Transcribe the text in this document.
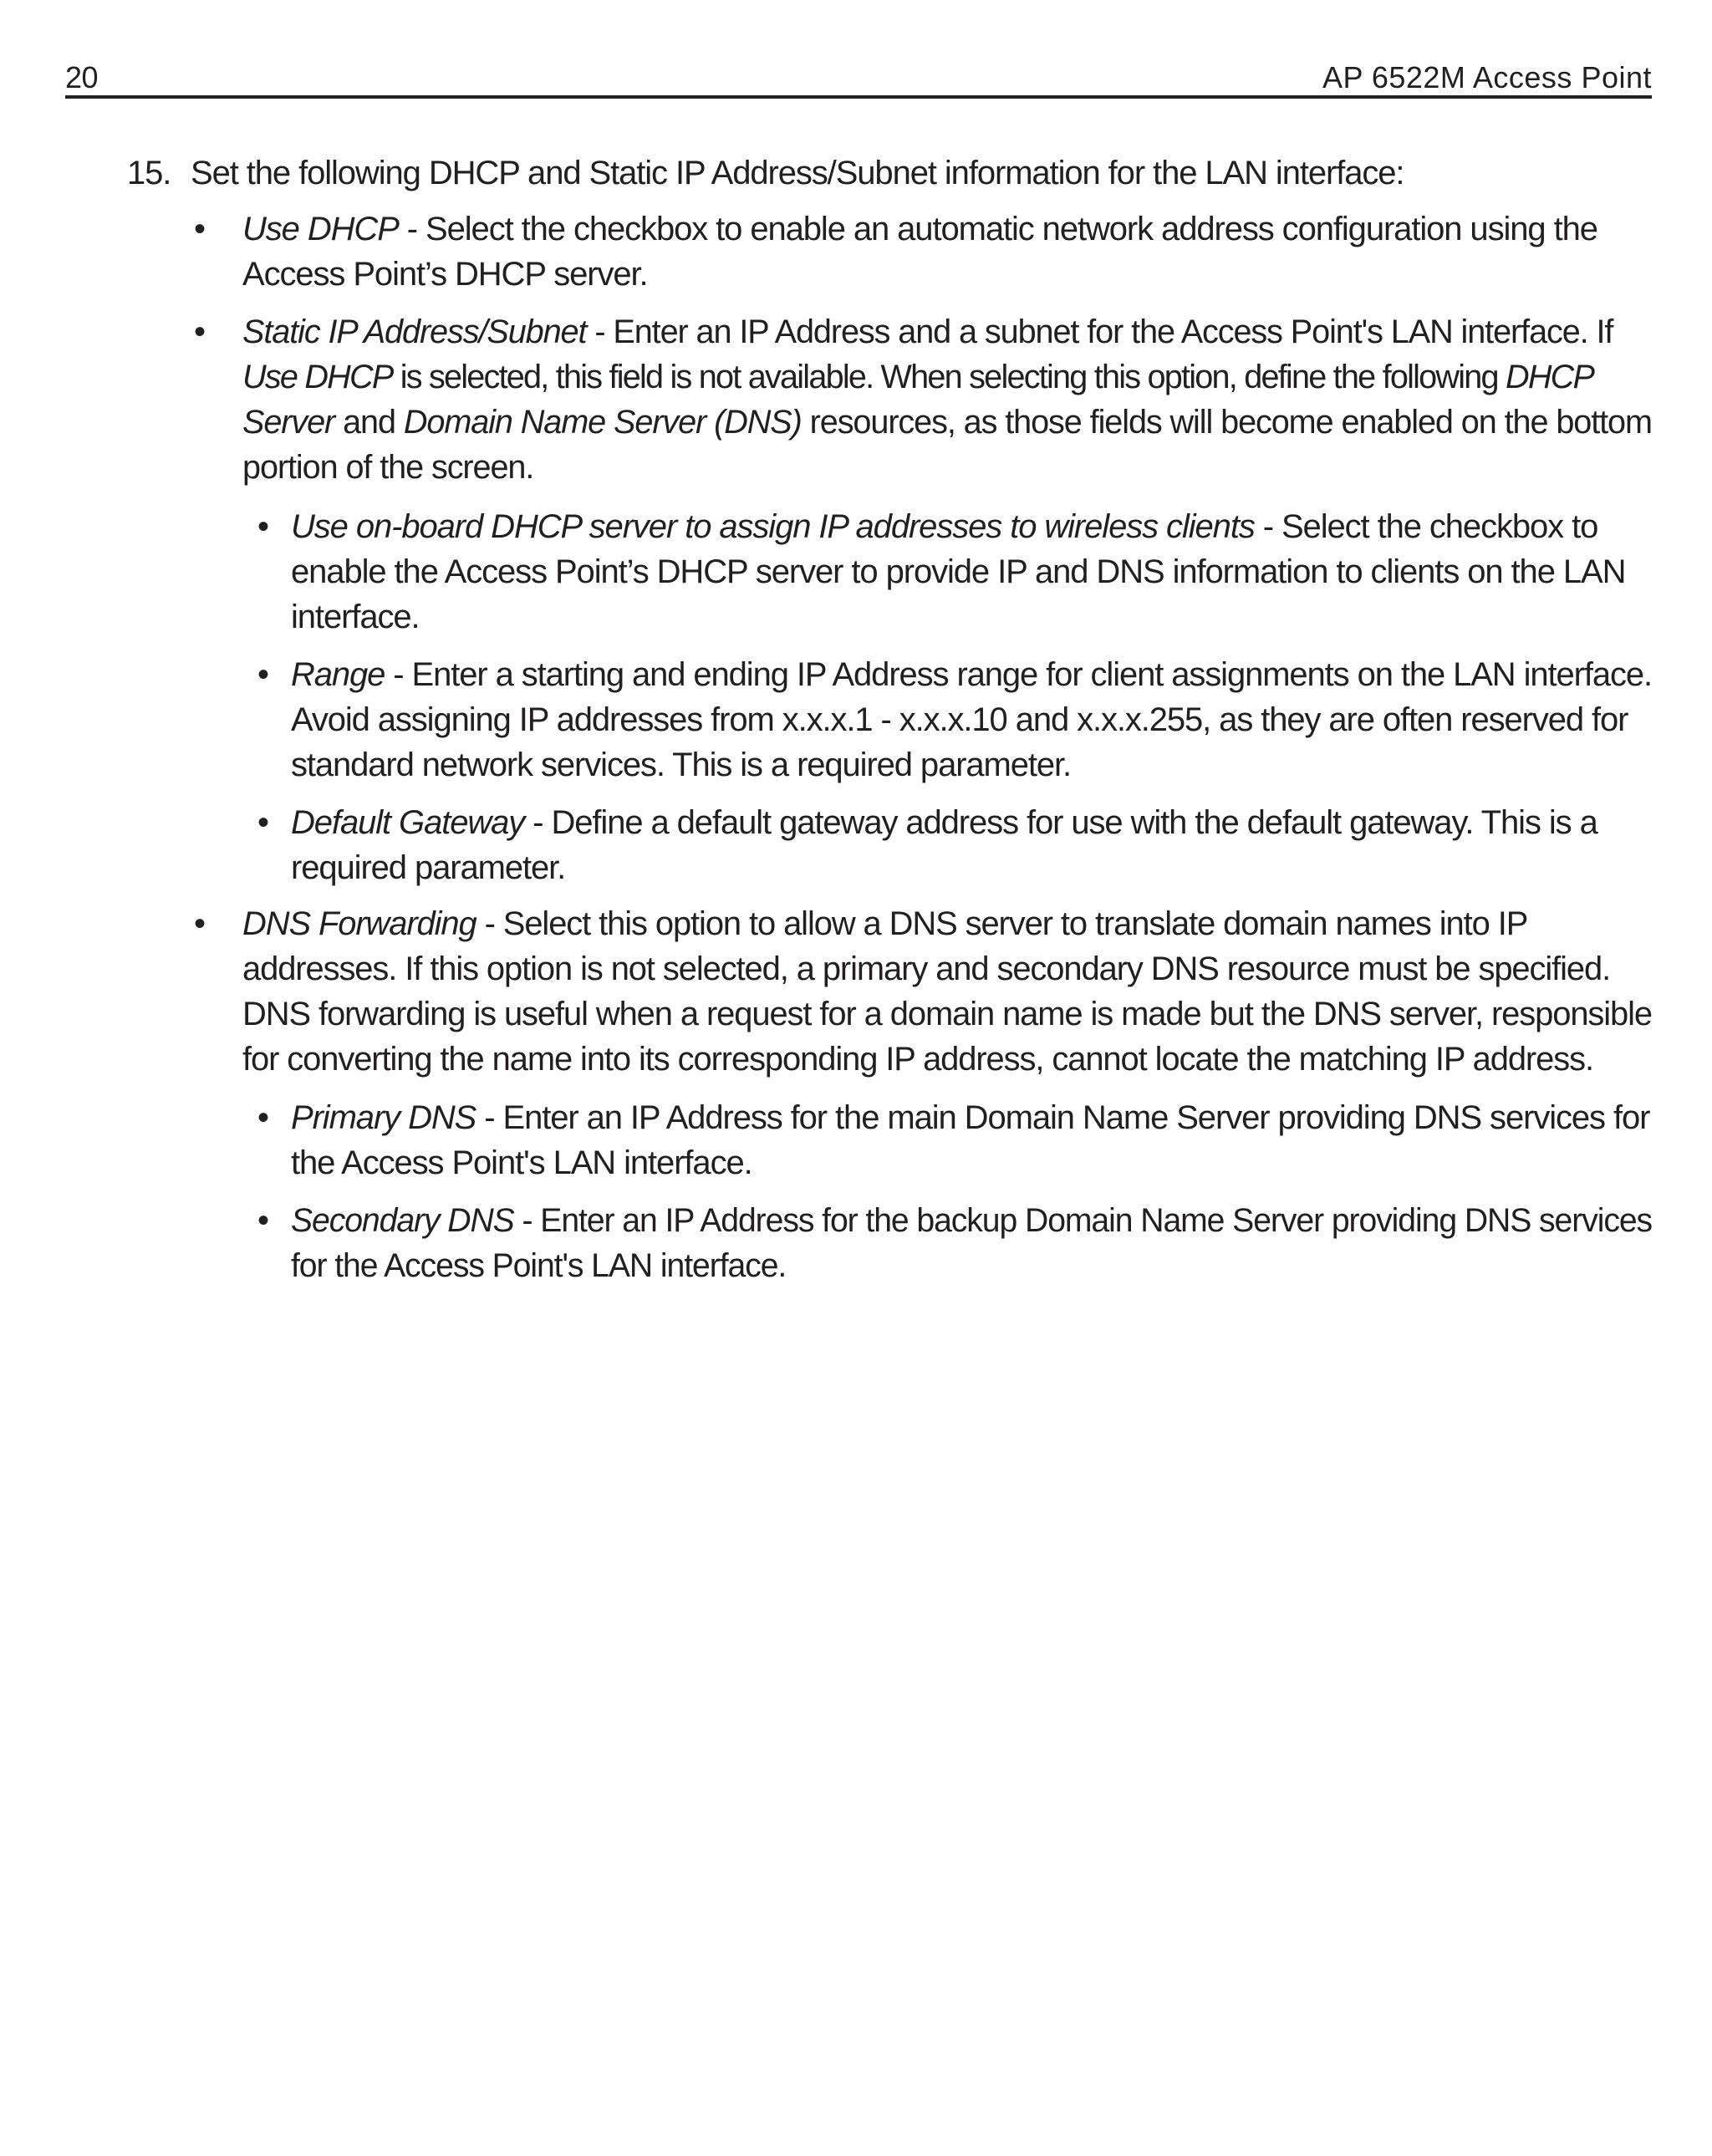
20	AP 6522M Access Point
15. Set the following DHCP and Static IP Address/Subnet information for the LAN interface:
• Use DHCP - Select the checkbox to enable an automatic network address configuration using the
Access Point’s DHCP server.
• Static IP Address/Subnet - Enter an IP Address and a subnet for the Access Point's LAN interface. If
Use DHCP is selected, this field is not available. When selecting this option, define the following DHCP
Server and Domain Name Server (DNS) resources, as those fields will become enabled on the bottom
portion of the screen.
• Use on-board DHCP server to assign IP addresses to wireless clients - Select the checkbox to
enable the Access Point’s DHCP server to provide IP and DNS information to clients on the LAN
interface.
• Range - Enter a starting and ending IP Address range for client assignments on the LAN interface.
Avoid assigning IP addresses from x.x.x.1 - x.x.x.10 and x.x.x.255, as they are often reserved for
standard network services. This is a required parameter.
• Default Gateway - Define a default gateway address for use with the default gateway. This is a
required parameter.
• DNS Forwarding - Select this option to allow a DNS server to translate domain names into IP
addresses. If this option is not selected, a primary and secondary DNS resource must be specified.
DNS forwarding is useful when a request for a domain name is made but the DNS server, responsible
for converting the name into its corresponding IP address, cannot locate the matching IP address.
• Primary DNS - Enter an IP Address for the main Domain Name Server providing DNS services for
the Access Point's LAN interface.
• Secondary DNS - Enter an IP Address for the backup Domain Name Server providing DNS services
for the Access Point's LAN interface.
